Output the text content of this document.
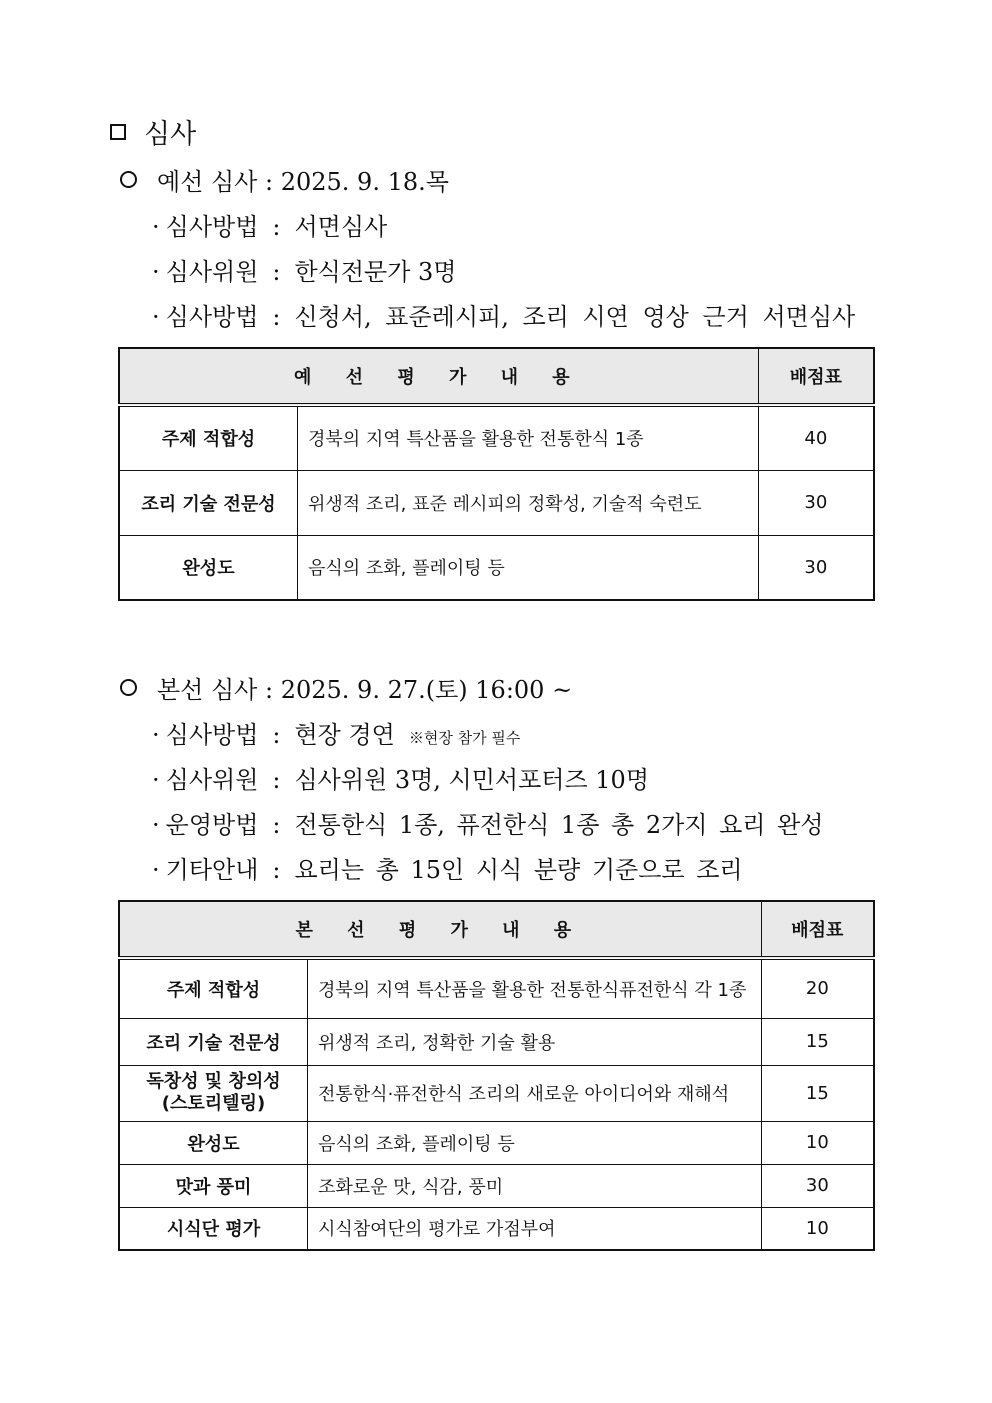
심사
예선 심사 : 2025. 9. 18.목
· 심사방법 : 서면심사
· 심사위원 : 한식전문가 3명
· 심사방법 : 신청서, 표준레시피, 조리 시연 영상 근거 서면심사
예 선 평 가 내 용		배점표
주제 적합성	경북의 지역 특산품을 활용한 전통한식 1종	40
조리 기술 전문성	위생적 조리, 표준 레시피의 정확성, 기술적 숙련도	30
완성도	음식의 조화, 플레이팅 등	30
본선 심사 : 2025. 9. 27.(토) 16:00 ~
· 심사방법 : 현장 경연 ※현장 참가 필수
· 심사위원 : 심사위원 3명, 시민서포터즈 10명
· 운영방법 : 전통한식 1종, 퓨전한식 1종 총 2가지 요리 완성
· 기타안내 : 요리는 총 15인 시식 분량 기준으로 조리
본 선 평 가 내 용		배점표
주제 적합성	경북의 지역 특산품을 활용한 전통한식퓨전한식 각 1종	20
조리 기술 전문성	위생적 조리, 정확한 기술 활용	15

독창성 및 창의성
(스토리텔링)	전통한식·퓨전한식 조리의 새로운 아이디어와 재해석	15
완성도	음식의 조화, 플레이팅 등	10
맛과 풍미	조화로운 맛, 식감, 풍미	30
시식단 평가	시식참여단의 평가로 가점부여	10
